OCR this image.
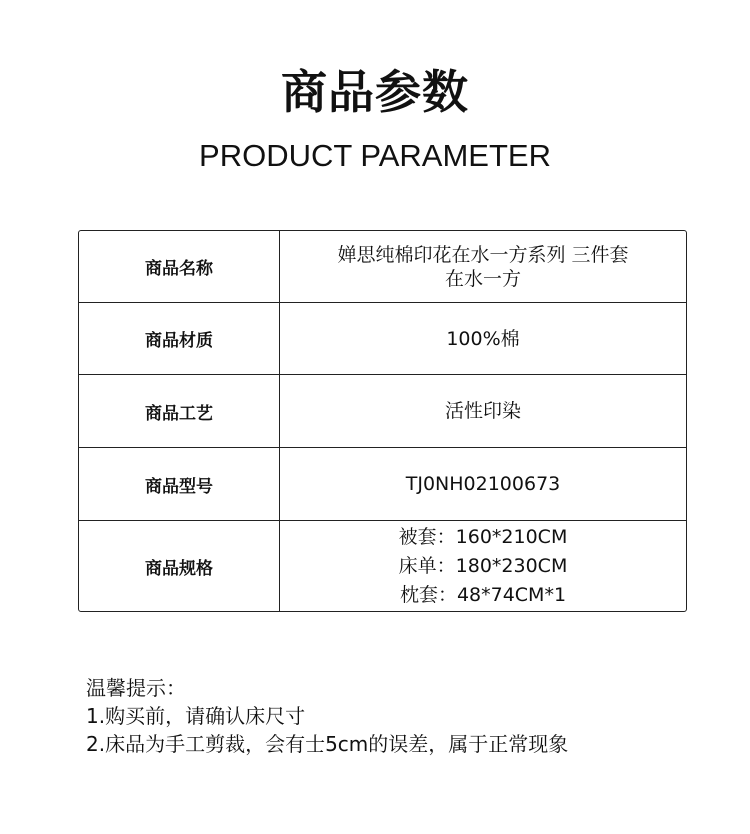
商品参数
PRODUCT PARAMETER
商品名称	婵思纯棉印花在水一方系列 三件套
在水一方

商品材质	100%棉

商品工艺	活性印染

商品型号	TJ0NH02100673

商品规格	被套：160*210CM
床单：180*230CM
枕套：48*74CM*1
温馨提示：
1.购买前，请确认床尺寸
2.床品为手工剪裁，会有士5cm的误差，属于正常现象
